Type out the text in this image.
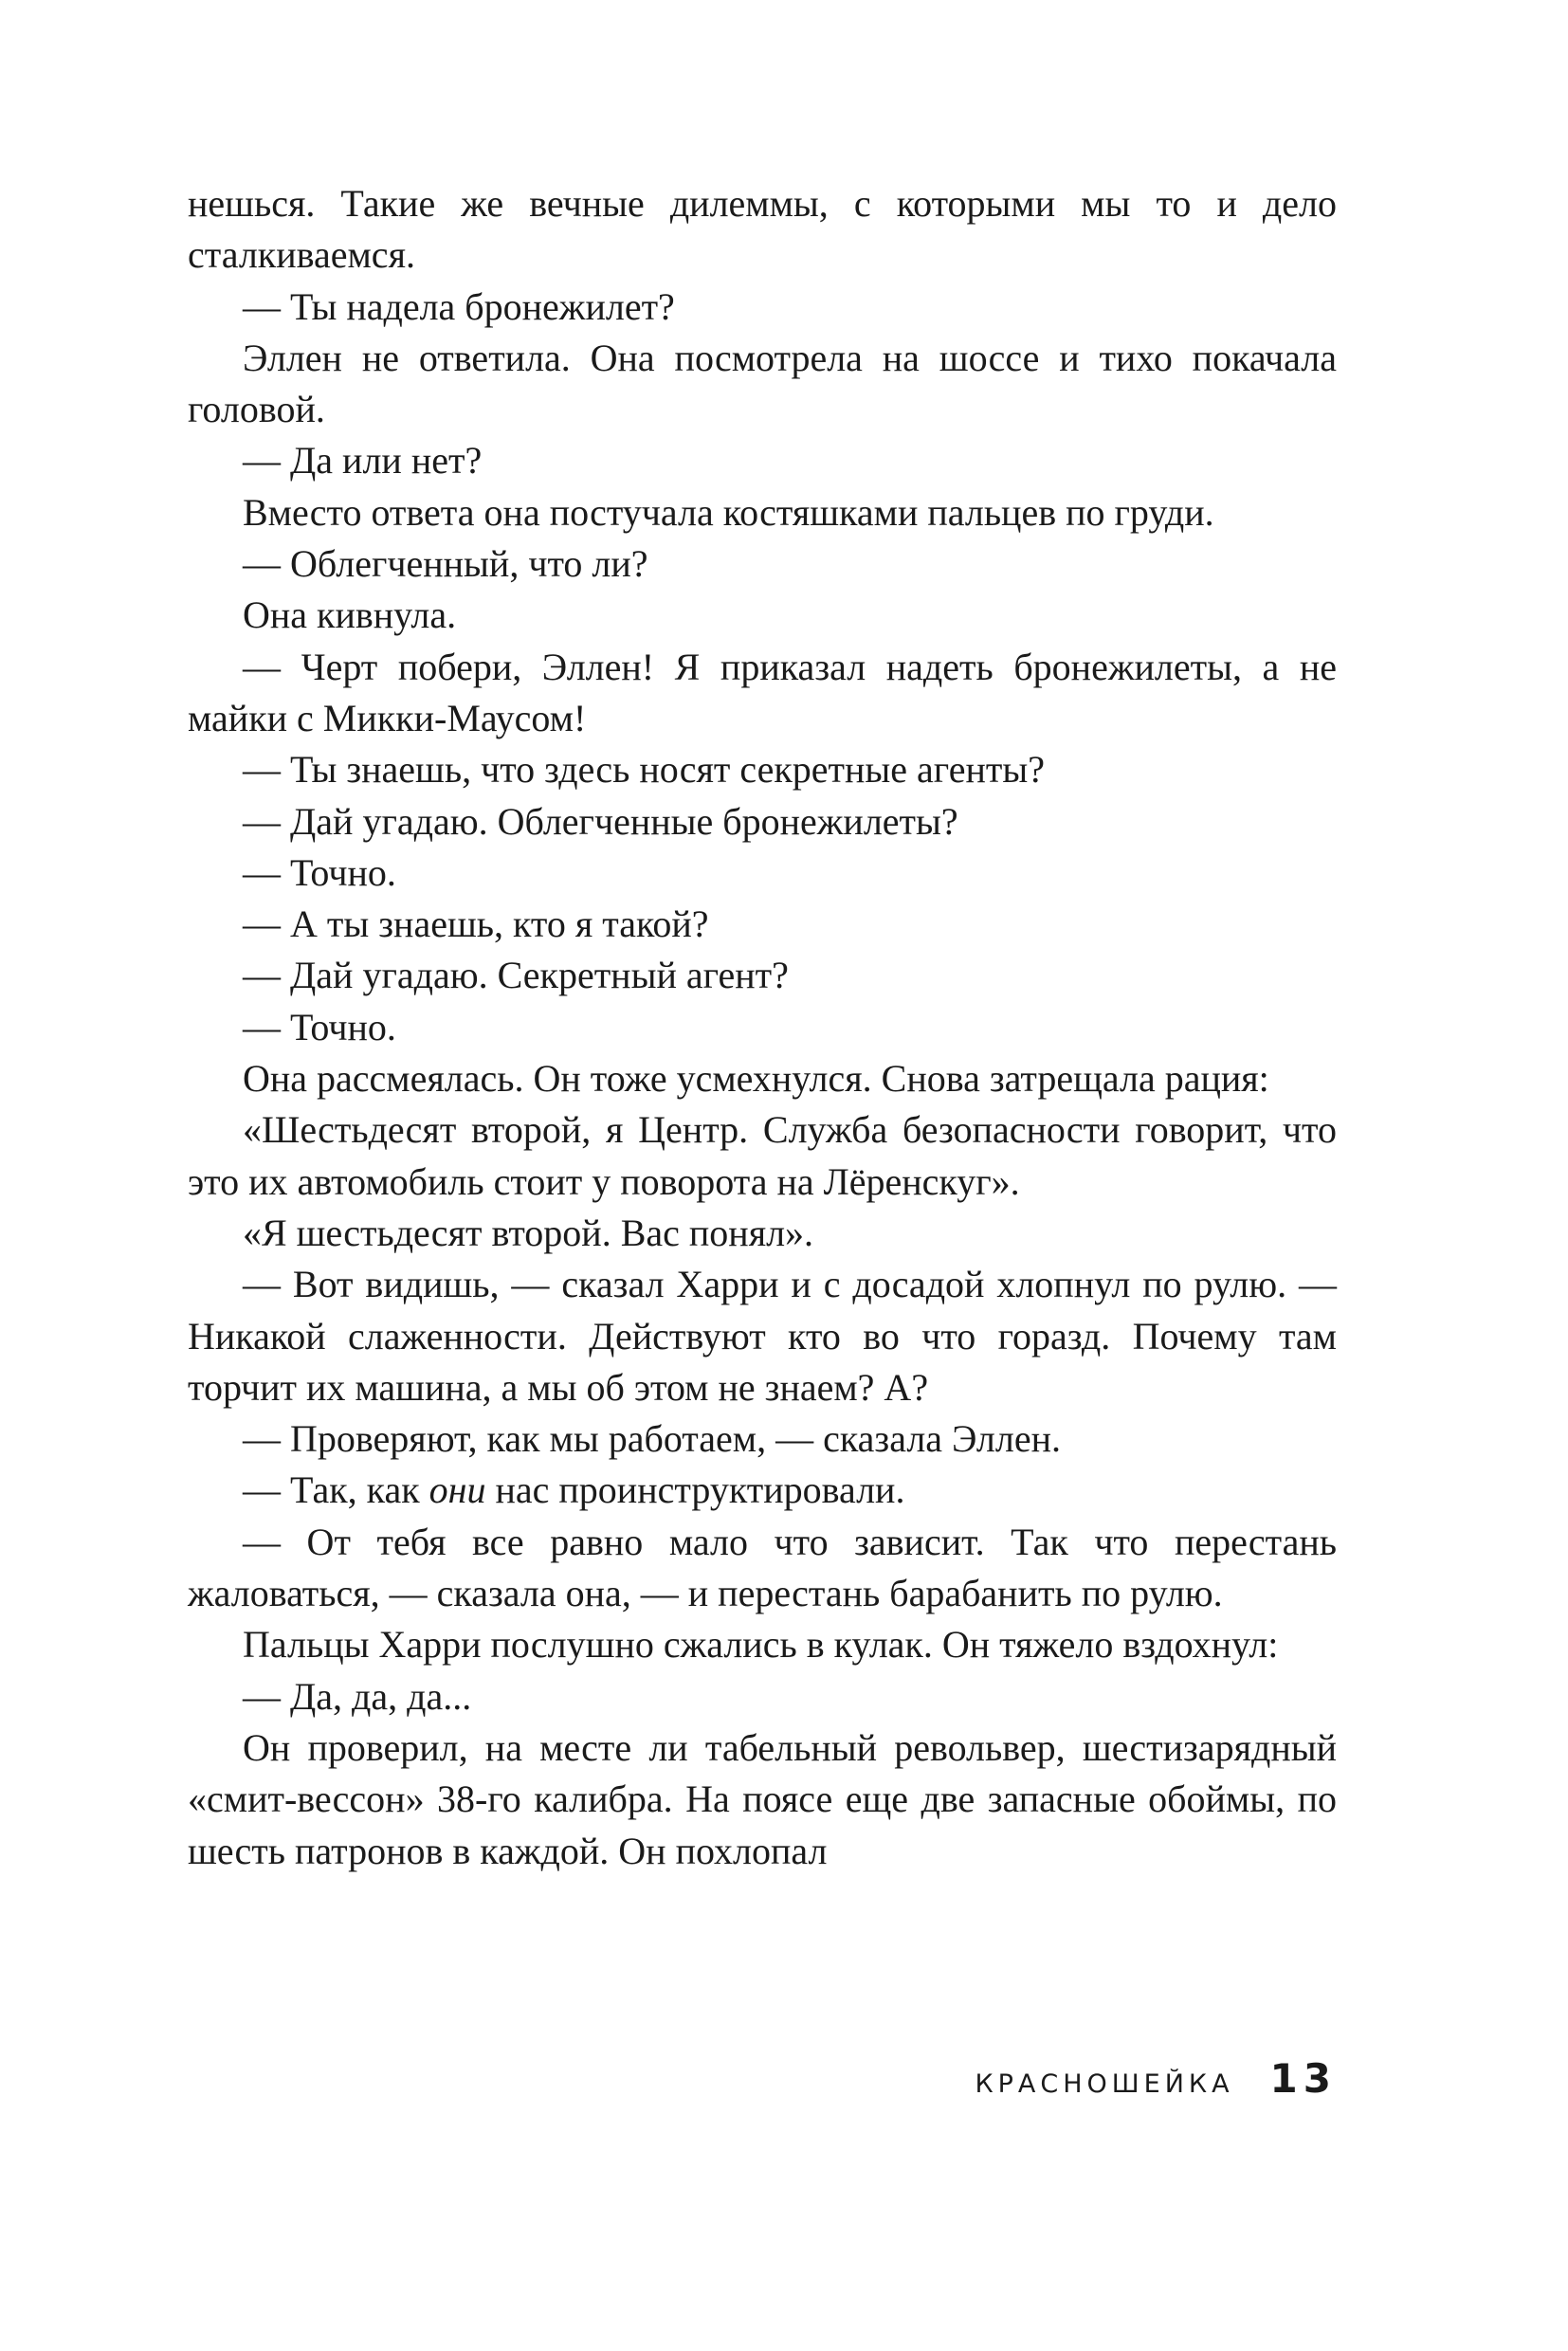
нешься. Такие же вечные дилеммы, с которыми мы то и дело сталкиваемся.

— Ты надела бронежилет?

Эллен не ответила. Она посмотрела на шоссе и тихо покачала головой.

— Да или нет?

Вместо ответа она постучала костяшками пальцев по груди.

— Облегченный, что ли?

Она кивнула.

— Черт побери, Эллен! Я приказал надеть бронежилеты, а не майки с Микки-Маусом!

— Ты знаешь, что здесь носят секретные агенты?

— Дай угадаю. Облегченные бронежилеты?

— Точно.

— А ты знаешь, кто я такой?

— Дай угадаю. Секретный агент?

— Точно.

Она рассмеялась. Он тоже усмехнулся. Снова затрещала рация:

«Шестьдесят второй, я Центр. Служба безопасности говорит, что это их автомобиль стоит у поворота на Лёренскуг».

«Я шестьдесят второй. Вас понял».

— Вот видишь, — сказал Харри и с досадой хлопнул по рулю. — Никакой слаженности. Действуют кто во что горазд. Почему там торчит их машина, а мы об этом не знаем? А?

— Проверяют, как мы работаем, — сказала Эллен.

— Так, как они нас проинструктировали.

— От тебя все равно мало что зависит. Так что перестань жаловаться, — сказала она, — и перестань барабанить по рулю.

Пальцы Харри послушно сжались в кулак. Он тяжело вздохнул:

— Да, да, да...

Он проверил, на месте ли табельный револьвер, шестизарядный «смит-вессон» 38-го калибра. На поясе еще две запасные обоймы, по шесть патронов в каждой. Он похлопал

КРАСНОШЕЙКА 13
